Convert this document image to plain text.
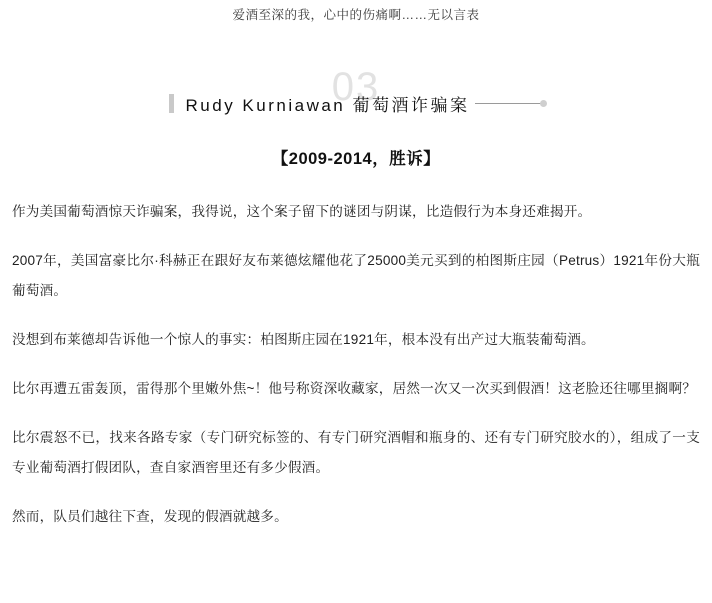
爱酒至深的我，心中的伤痛啊……无以言表
03
Rudy Kurniawan 葡萄酒诈骗案
【2009-2014，胜诉】

作为美国葡萄酒惊天诈骗案，我得说，这个案子留下的谜团与阴谋，比造假行为本身还难揭开。

2007年，美国富豪比尔·科赫正在跟好友布莱德炫耀他花了25000美元买到的柏图斯庄园（Petrus）1921年份大瓶葡萄酒。

没想到布莱德却告诉他一个惊人的事实：柏图斯庄园在1921年，根本没有出产过大瓶装葡萄酒。

比尔再遭五雷轰顶，雷得那个里嫩外焦~！他号称资深收藏家，居然一次又一次买到假酒！这老脸还往哪里搁啊？

比尔震怒不已，找来各路专家（专门研究标签的、有专门研究酒帽和瓶身的、还有专门研究胶水的），组成了一支专业葡萄酒打假团队，查自家酒窖里还有多少假酒。

然而，队员们越往下查，发现的假酒就越多。
